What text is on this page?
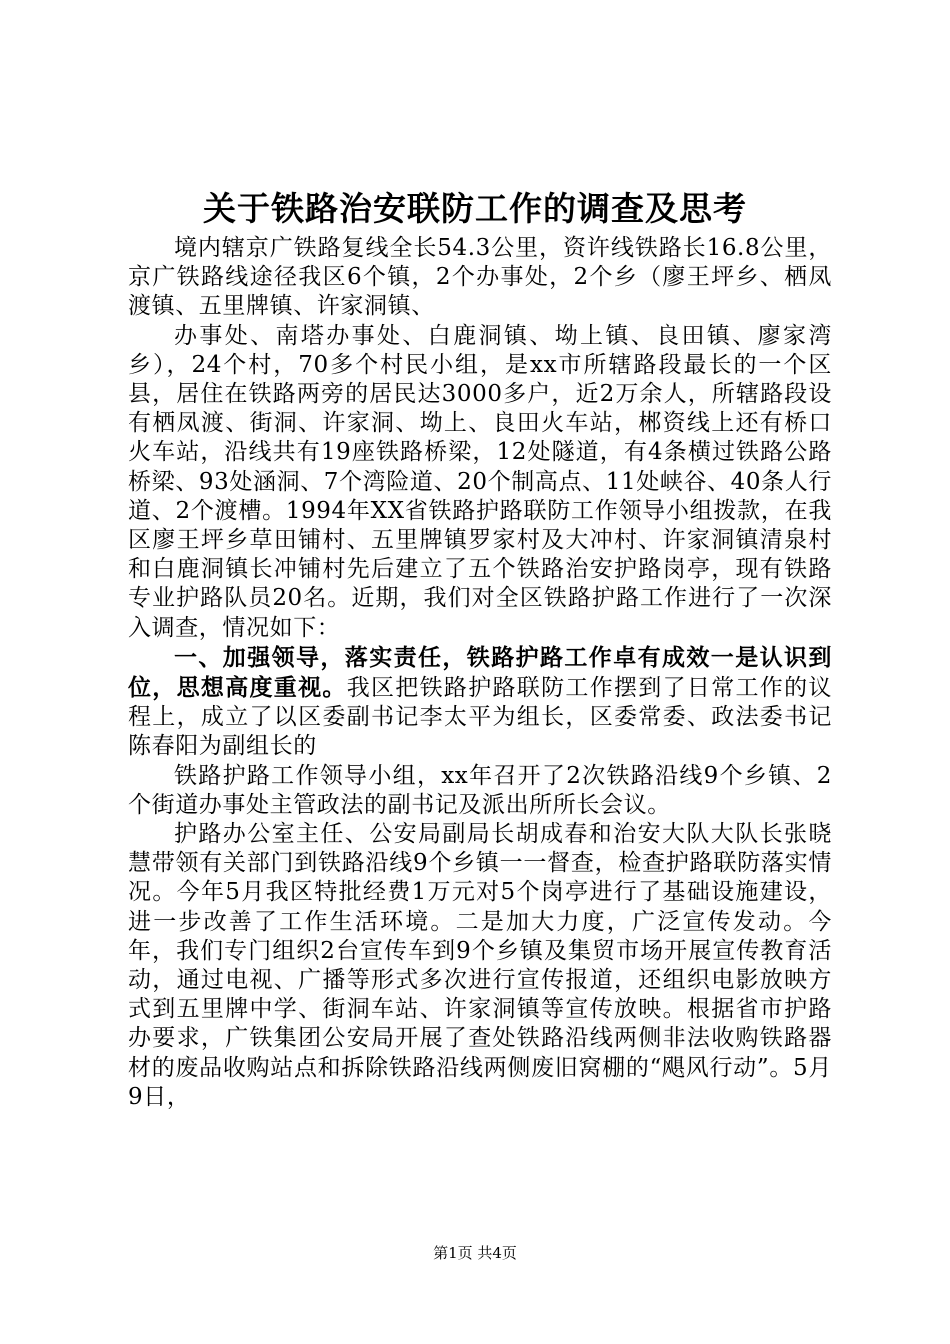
关于铁路治安联防工作的调查及思考

境内辖京广铁路复线全长54.3公里，资许线铁路长16.8公里，京广铁路线途径我区6个镇，2个办事处，2个乡（廖王坪乡、栖凤渡镇、五里牌镇、许家洞镇、

办事处、南塔办事处、白鹿洞镇、坳上镇、良田镇、廖家湾乡），24个村，70多个村民小组，是xx市所辖路段最长的一个区县，居住在铁路两旁的居民达3000多户，近2万余人，所辖路段设有栖凤渡、街洞、许家洞、坳上、良田火车站，郴资线上还有桥口火车站，沿线共有19座铁路桥梁，12处隧道，有4条横过铁路公路桥梁、93处涵洞、7个湾险道、20个制高点、11处峡谷、40条人行道、2个渡槽。1994年XX省铁路护路联防工作领导小组拨款，在我区廖王坪乡草田铺村、五里牌镇罗家村及大冲村、许家洞镇清泉村和白鹿洞镇长冲铺村先后建立了五个铁路治安护路岗亭，现有铁路专业护路队员20名。近期，我们对全区铁路护路工作进行了一次深入调查，情况如下：

一、加强领导，落实责任，铁路护路工作卓有成效一是认识到位，思想高度重视。我区把铁路护路联防工作摆到了日常工作的议程上，成立了以区委副书记李太平为组长，区委常委、政法委书记陈春阳为副组长的

铁路护路工作领导小组，xx年召开了2次铁路沿线9个乡镇、2个街道办事处主管政法的副书记及派出所所长会议。

护路办公室主任、公安局副局长胡成春和治安大队大队长张晓慧带领有关部门到铁路沿线9个乡镇一一督查，检查护路联防落实情况。今年5月我区特批经费1万元对5个岗亭进行了基础设施建设，进一步改善了工作生活环境。二是加大力度，广泛宣传发动。今年，我们专门组织2台宣传车到9个乡镇及集贸市场开展宣传教育活动，通过电视、广播等形式多次进行宣传报道，还组织电影放映方式到五里牌中学、街洞车站、许家洞镇等宣传放映。根据省市护路办要求，广铁集团公安局开展了查处铁路沿线两侧非法收购铁路器材的废品收购站点和拆除铁路沿线两侧废旧窝棚的“飓风行动”。5月9日，

第1页 共4页
